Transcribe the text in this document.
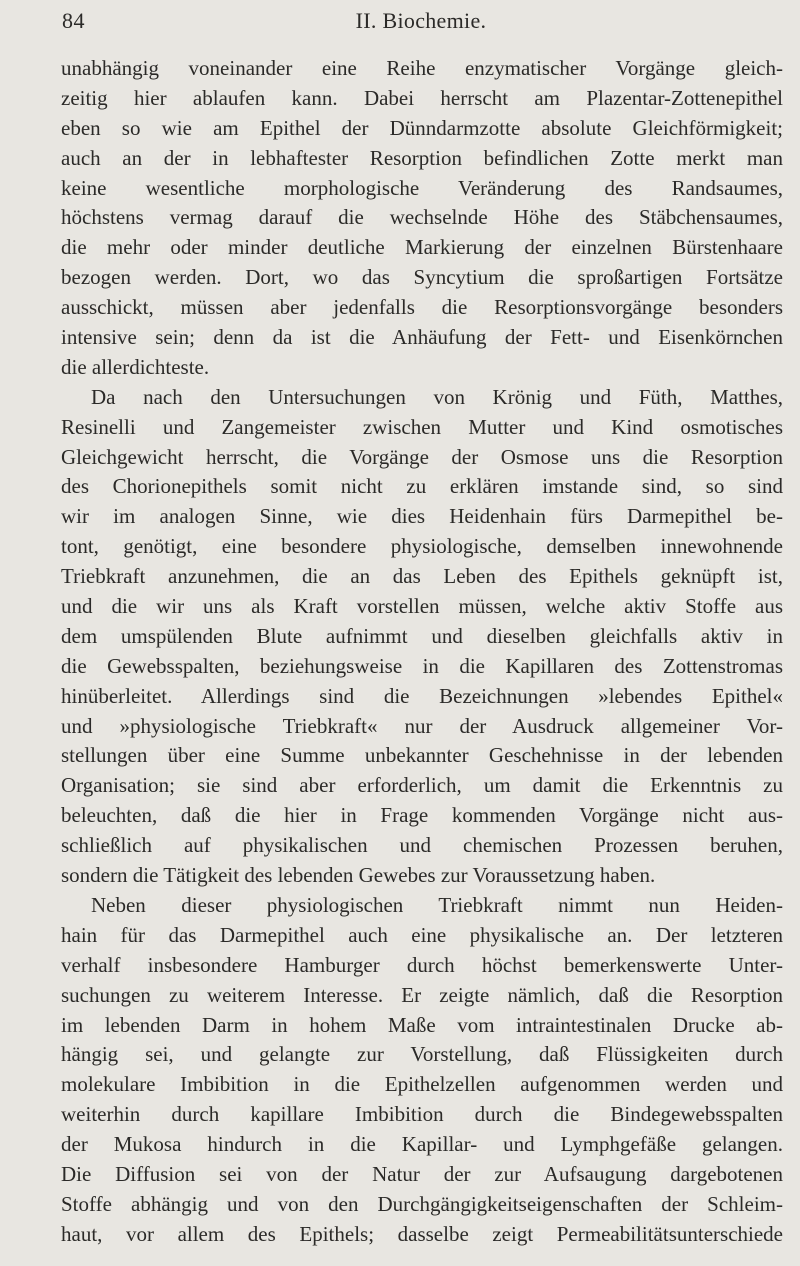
84	II. Biochemie.
unabhängig voneinander eine Reihe enzymatischer Vorgänge gleich-
zeitig hier ablaufen kann. Dabei herrscht am Plazentar-Zottenepithel
eben so wie am Epithel der Dünndarmzotte absolute Gleichförmigkeit;
auch an der in lebhaftester Resorption befindlichen Zotte merkt man
keine wesentliche morphologische Veränderung des Randsaumes,
höchstens vermag darauf die wechselnde Höhe des Stäbchensaumes,
die mehr oder minder deutliche Markierung der einzelnen Bürstenhaare
bezogen werden. Dort, wo das Syncytium die sproßartigen Fortsätze
ausschickt, müssen aber jedenfalls die Resorptionsvorgänge besonders
intensive sein; denn da ist die Anhäufung der Fett- und Eisenkörnchen
die allerdichteste.
Da nach den Untersuchungen von Krönig und Füth, Matthes,
Resinelli und Zangemeister zwischen Mutter und Kind osmotisches
Gleichgewicht herrscht, die Vorgänge der Osmose uns die Resorption
des Chorionepithels somit nicht zu erklären imstande sind, so sind
wir im analogen Sinne, wie dies Heidenhain fürs Darmepithel be-
tont, genötigt, eine besondere physiologische, demselben innewohnende
Triebkraft anzunehmen, die an das Leben des Epithels geknüpft ist,
und die wir uns als Kraft vorstellen müssen, welche aktiv Stoffe aus
dem umspülenden Blute aufnimmt und dieselben gleichfalls aktiv in
die Gewebsspalten, beziehungsweise in die Kapillaren des Zottenstromas
hinüberleitet. Allerdings sind die Bezeichnungen »lebendes Epithel«
und »physiologische Triebkraft« nur der Ausdruck allgemeiner Vor-
stellungen über eine Summe unbekannter Geschehnisse in der lebenden
Organisation; sie sind aber erforderlich, um damit die Erkenntnis zu
beleuchten, daß die hier in Frage kommenden Vorgänge nicht aus-
schließlich auf physikalischen und chemischen Prozessen beruhen,
sondern die Tätigkeit des lebenden Gewebes zur Voraussetzung haben.
Neben dieser physiologischen Triebkraft nimmt nun Heiden-
hain für das Darmepithel auch eine physikalische an. Der letzteren
verhalf insbesondere Hamburger durch höchst bemerkenswerte Unter-
suchungen zu weiterem Interesse. Er zeigte nämlich, daß die Resorption
im lebenden Darm in hohem Maße vom intraintestinalen Drucke ab-
hängig sei, und gelangte zur Vorstellung, daß Flüssigkeiten durch
molekulare Imbibition in die Epithelzellen aufgenommen werden und
weiterhin durch kapillare Imbibition durch die Bindegewebsspalten
der Mukosa hindurch in die Kapillar- und Lymphgefäße gelangen.
Die Diffusion sei von der Natur der zur Aufsaugung dargebotenen
Stoffe abhängig und von den Durchgängigkeitseigenschaften der Schleim-
haut, vor allem des Epithels; dasselbe zeigt Permeabilitätsunterschiede
